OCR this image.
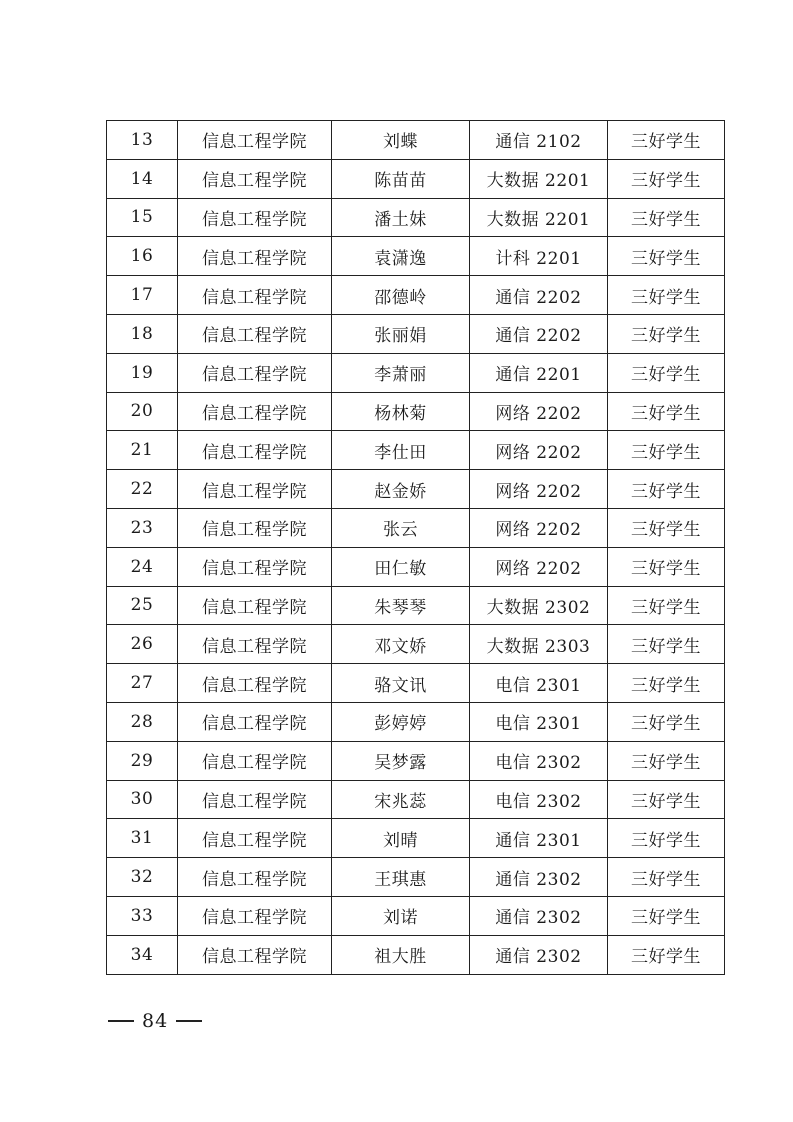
13	信息工程学院	刘蝶	通信 2102	三好学生
14	信息工程学院	陈苗苗	大数据 2201	三好学生
15	信息工程学院	潘土妹	大数据 2201	三好学生
16	信息工程学院	袁潇逸	计科 2201	三好学生
17	信息工程学院	邵德岭	通信 2202	三好学生
18	信息工程学院	张丽娟	通信 2202	三好学生
19	信息工程学院	李萧丽	通信 2201	三好学生
20	信息工程学院	杨林菊	网络 2202	三好学生
21	信息工程学院	李仕田	网络 2202	三好学生
22	信息工程学院	赵金娇	网络 2202	三好学生
23	信息工程学院	张云	网络 2202	三好学生
24	信息工程学院	田仁敏	网络 2202	三好学生
25	信息工程学院	朱琴琴	大数据 2302	三好学生
26	信息工程学院	邓文娇	大数据 2303	三好学生
27	信息工程学院	骆文讯	电信 2301	三好学生
28	信息工程学院	彭婷婷	电信 2301	三好学生
29	信息工程学院	吴梦露	电信 2302	三好学生
30	信息工程学院	宋兆蕊	电信 2302	三好学生
31	信息工程学院	刘晴	通信 2301	三好学生
32	信息工程学院	王琪惠	通信 2302	三好学生
33	信息工程学院	刘诺	通信 2302	三好学生
34	信息工程学院	祖大胜	通信 2302	三好学生
84
